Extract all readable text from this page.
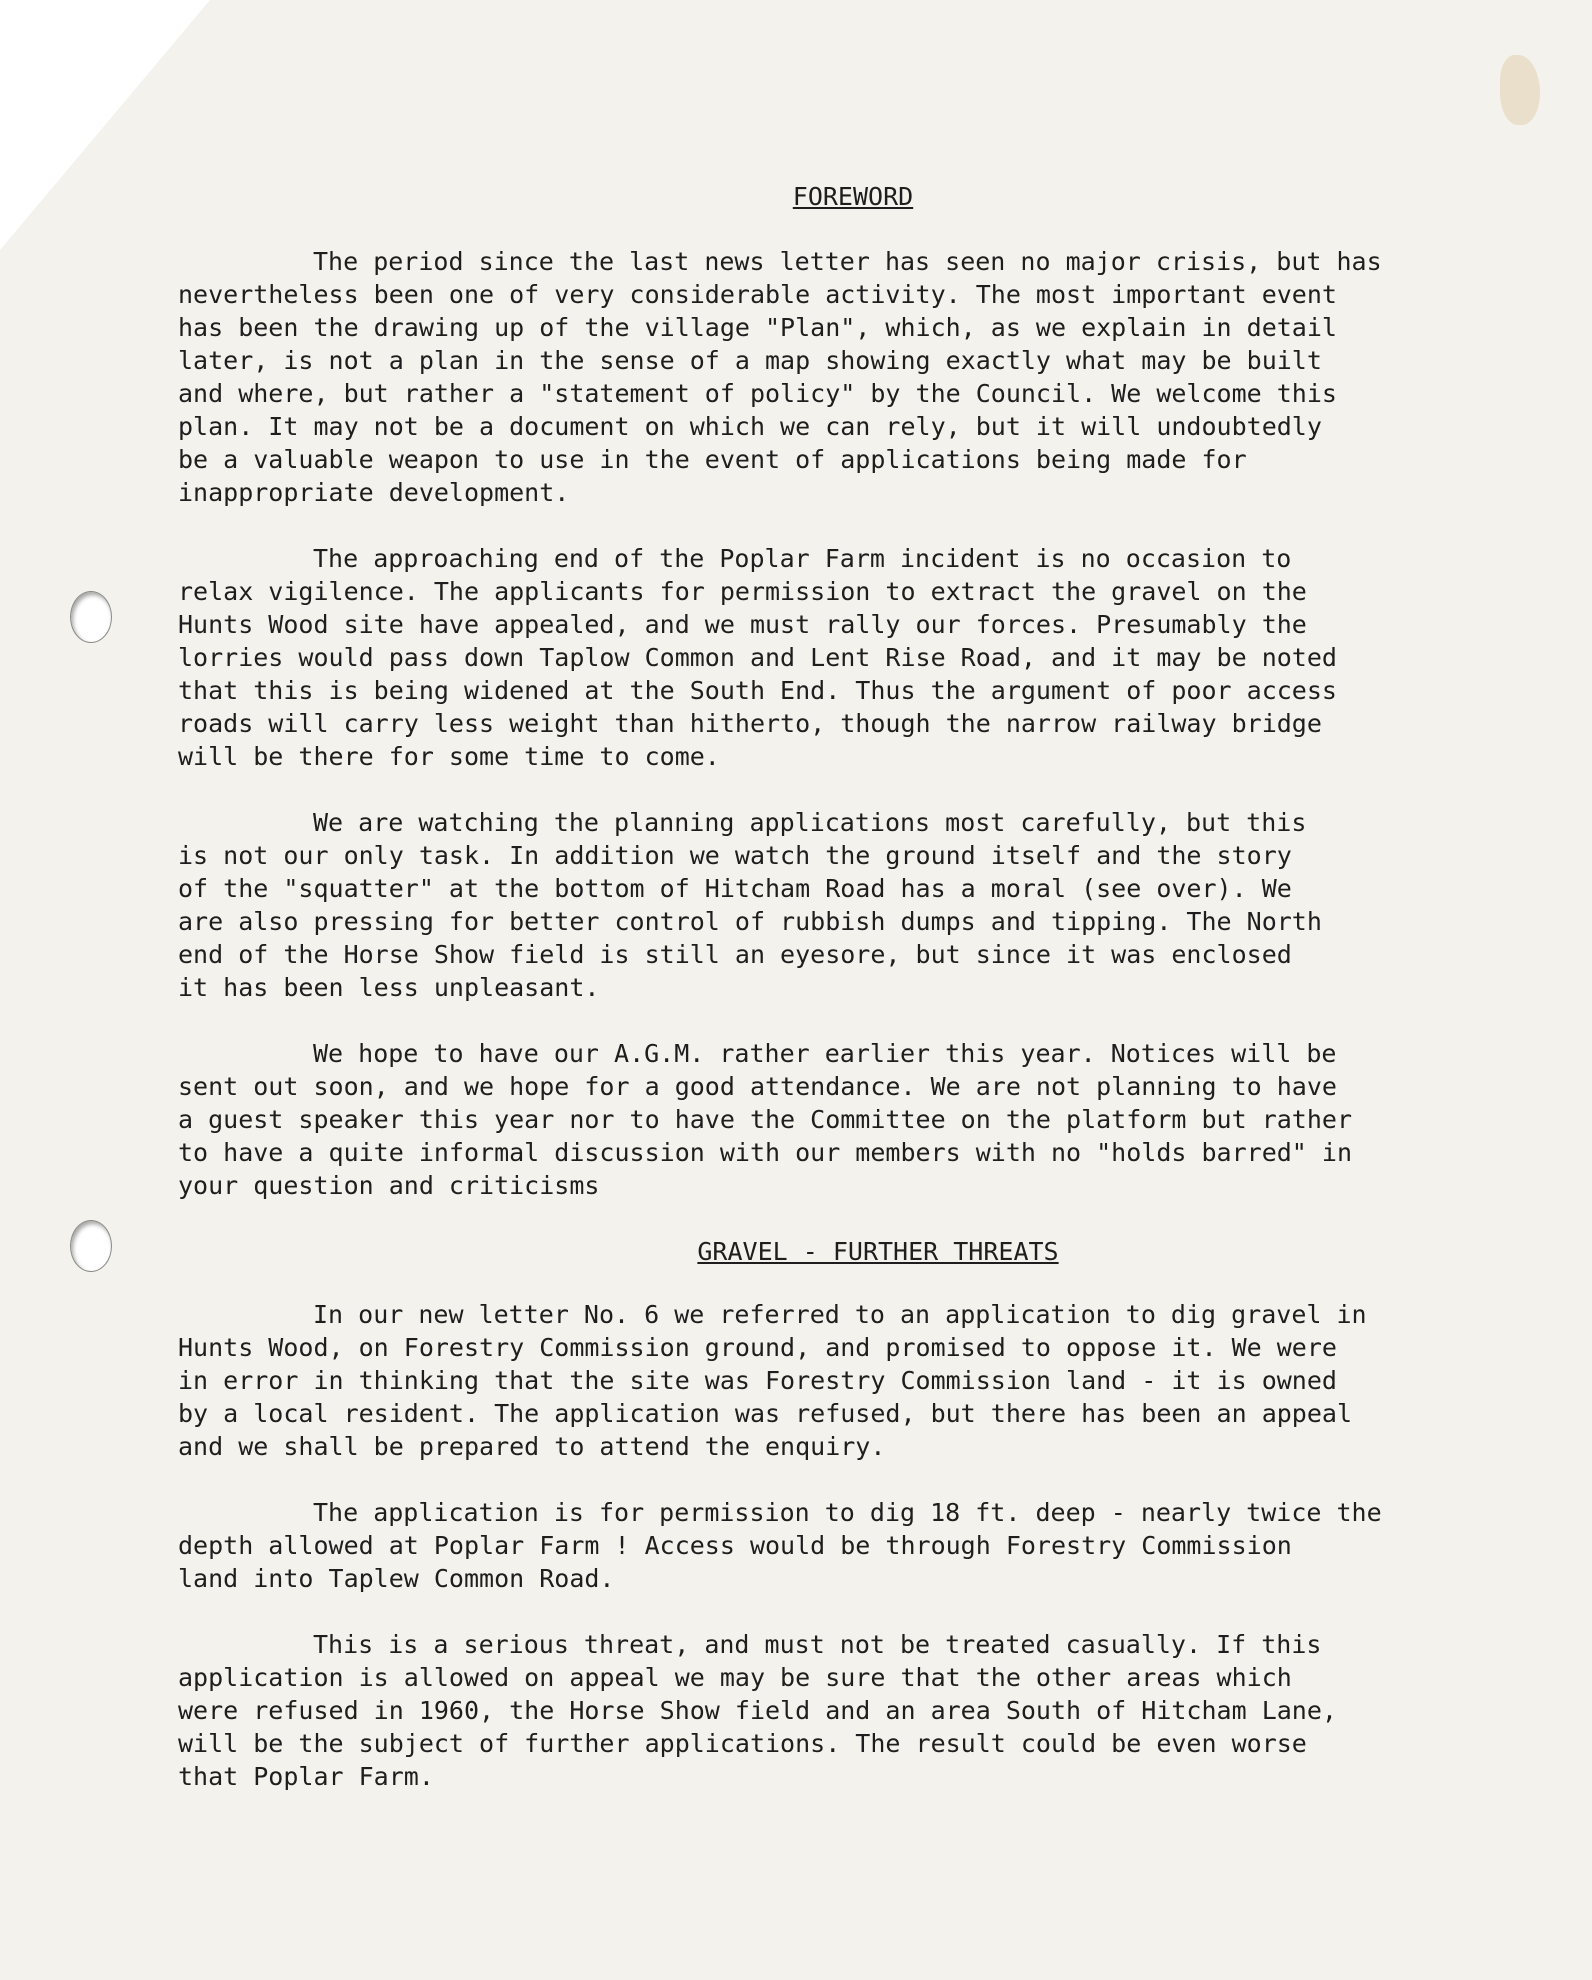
FOREWORD

The period since the last news letter has seen no major crisis, but has
nevertheless been one of very considerable activity. The most important event
has been the drawing up of the village "Plan", which, as we explain in detail
later, is not a plan in the sense of a map showing exactly what may be built
and where, but rather a "statement of policy" by the Council. We welcome this
plan. It may not be a document on which we can rely, but it will undoubtedly
be a valuable weapon to use in the event of applications being made for
inappropriate development.

The approaching end of the Poplar Farm incident is no occasion to
relax vigilence. The applicants for permission to extract the gravel on the
Hunts Wood site have appealed, and we must rally our forces. Presumably the
lorries would pass down Taplow Common and Lent Rise Road, and it may be noted
that this is being widened at the South End. Thus the argument of poor access
roads will carry less weight than hitherto, though the narrow railway bridge
will be there for some time to come.

We are watching the planning applications most carefully, but this
is not our only task. In addition we watch the ground itself and the story
of the "squatter" at the bottom of Hitcham Road has a moral (see over). We
are also pressing for better control of rubbish dumps and tipping. The North
end of the Horse Show field is still an eyesore, but since it was enclosed
it has been less unpleasant.

We hope to have our A.G.M. rather earlier this year. Notices will be
sent out soon, and we hope for a good attendance. We are not planning to have
a guest speaker this year nor to have the Committee on the platform but rather
to have a quite informal discussion with our members with no "holds barred" in
your question and criticisms

GRAVEL - FURTHER THREATS

In our new letter No. 6 we referred to an application to dig gravel in
Hunts Wood, on Forestry Commission ground, and promised to oppose it. We were
in error in thinking that the site was Forestry Commission land - it is owned
by a local resident. The application was refused, but there has been an appeal
and we shall be prepared to attend the enquiry.

The application is for permission to dig 18 ft. deep - nearly twice the
depth allowed at Poplar Farm ! Access would be through Forestry Commission
land into Taplew Common Road.

This is a serious threat, and must not be treated casually. If this
application is allowed on appeal we may be sure that the other areas which
were refused in 1960, the Horse Show field and an area South of Hitcham Lane,
will be the subject of further applications. The result could be even worse
that Poplar Farm.
